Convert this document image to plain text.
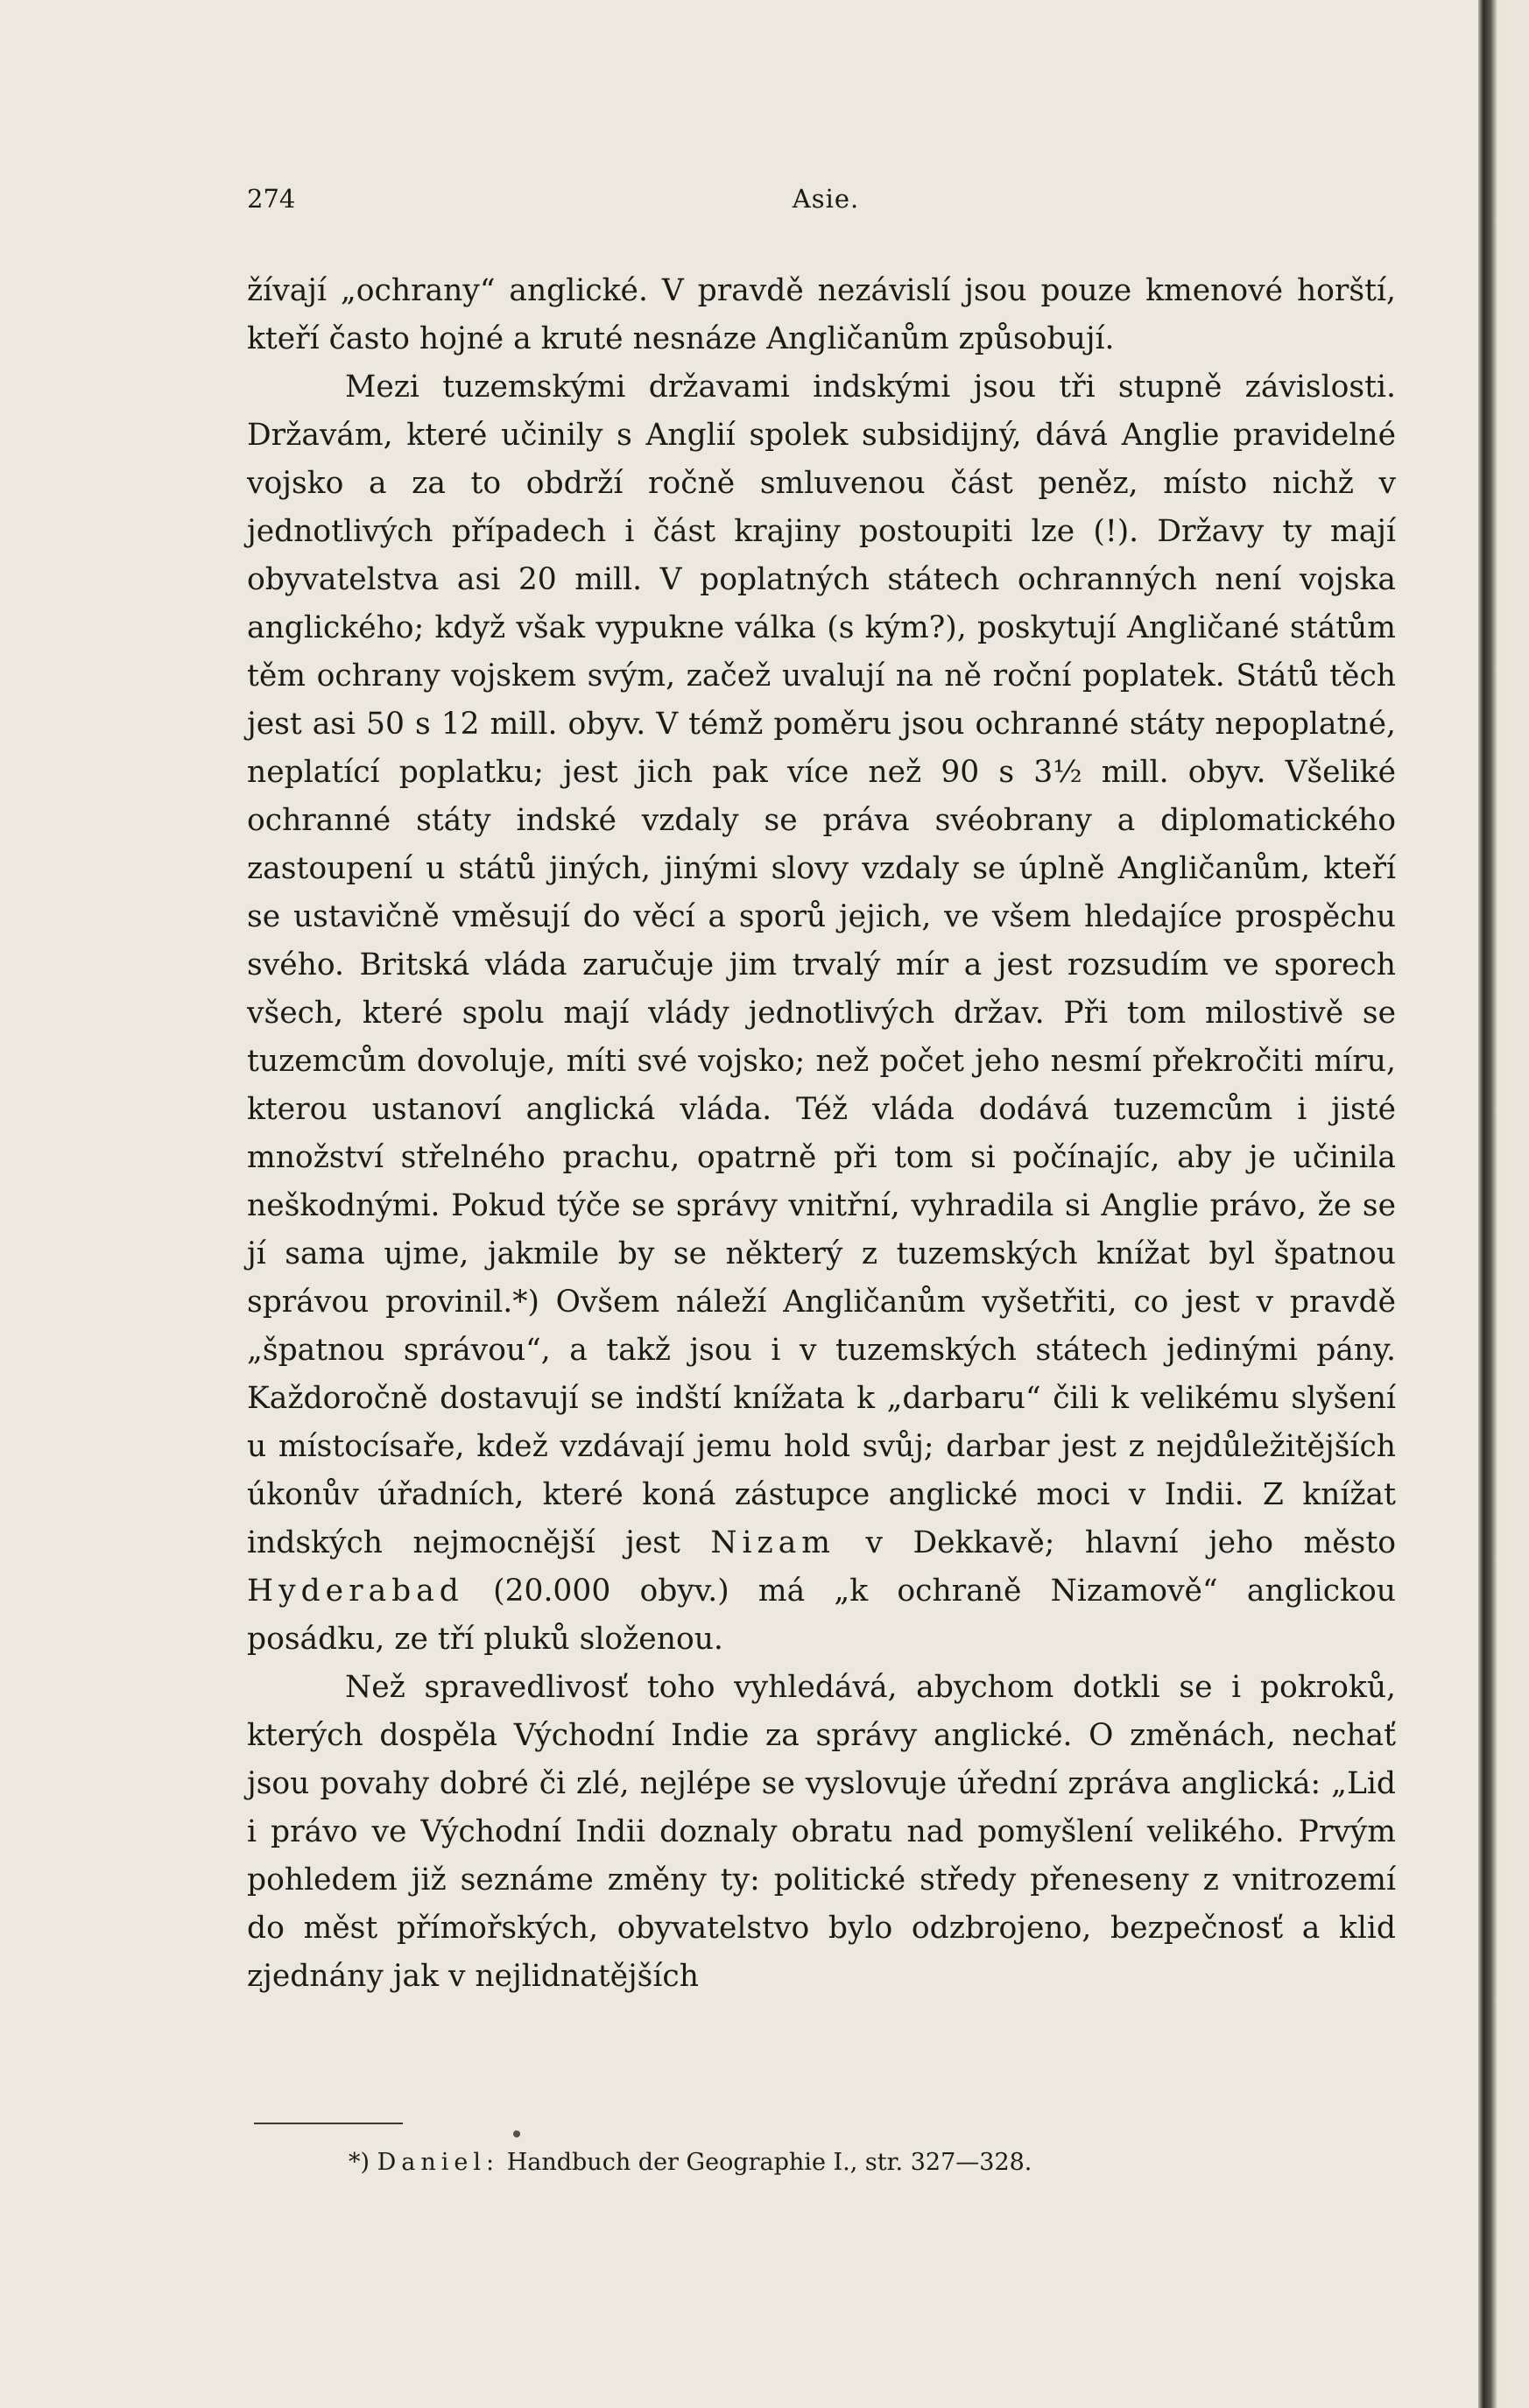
274	Asie.

žívají „ochrany“ anglické. V pravdě nezávislí jsou pouze kmenové horští, kteří často hojné a kruté nesnáze Angličanům způsobují.

Mezi tuzemskými državami indskými jsou tři stupně závislosti. Državám, které učinily s Anglií spolek subsidijný, dává Anglie pravidelné vojsko a za to obdrží ročně smluvenou část peněz, místo nichž v jednotlivých případech i část krajiny postoupiti lze (!). Državy ty mají obyvatelstva asi 20 mill. V poplatných státech ochranných není vojska anglického; když však vypukne válka (s kým?), poskytují Angličané státům těm ochrany vojskem svým, začež uvalují na ně roční poplatek. Států těch jest asi 50 s 12 mill. obyv. V témž poměru jsou ochranné státy nepoplatné, neplatící poplatku; jest jich pak více než 90 s 3½ mill. obyv. Všeliké ochranné státy indské vzdaly se práva svéobrany a diplomatického zastoupení u států jiných, jinými slovy vzdaly se úplně Angličanům, kteří se ustavičně vměsují do věcí a sporů jejich, ve všem hledajíce prospěchu svého. Britská vláda zaručuje jim trvalý mír a jest rozsudím ve sporech všech, které spolu mají vlády jednotlivých držav. Při tom milostivě se tuzemcům dovoluje, míti své vojsko; než počet jeho nesmí překročiti míru, kterou ustanoví anglická vláda. Též vláda dodává tuzemcům i jisté množství střelného prachu, opatrně při tom si počínajíc, aby je učinila neškodnými. Pokud týče se správy vnitřní, vyhradila si Anglie právo, že se jí sama ujme, jakmile by se některý z tuzemských knížat byl špatnou správou provinil.*) Ovšem náleží Angličanům vyšetřiti, co jest v pravdě „špatnou správou“, a takž jsou i v tuzemských státech jedinými pány. Každoročně dostavují se indští knížata k „darbaru“ čili k velikému slyšení u místocísaře, kdež vzdávají jemu hold svůj; darbar jest z nejdůležitějších úkonův úřadních, které koná zástupce anglické moci v Indii. Z knížat indských nejmocnější jest Nizam v Dekkavě; hlavní jeho město Hyderabad (20.000 obyv.) má „k ochraně Nizamově“ anglickou posádku, ze tří pluků složenou.

Než spravedlivosť toho vyhledává, abychom dotkli se i pokroků, kterých dospěla Východní Indie za správy anglické. O změnách, nechať jsou povahy dobré či zlé, nejlépe se vyslovuje úřední zpráva anglická: „Lid i právo ve Východní Indii doznaly obratu nad pomyšlení velikého. Prvým pohledem již seznáme změny ty: politické středy přeneseny z vnitrozemí do měst přímořských, obyvatelstvo bylo odzbrojeno, bezpečnosť a klid zjednány jak v nejlidnatějších

*) Daniel: Handbuch der Geographie I., str. 327—328.
